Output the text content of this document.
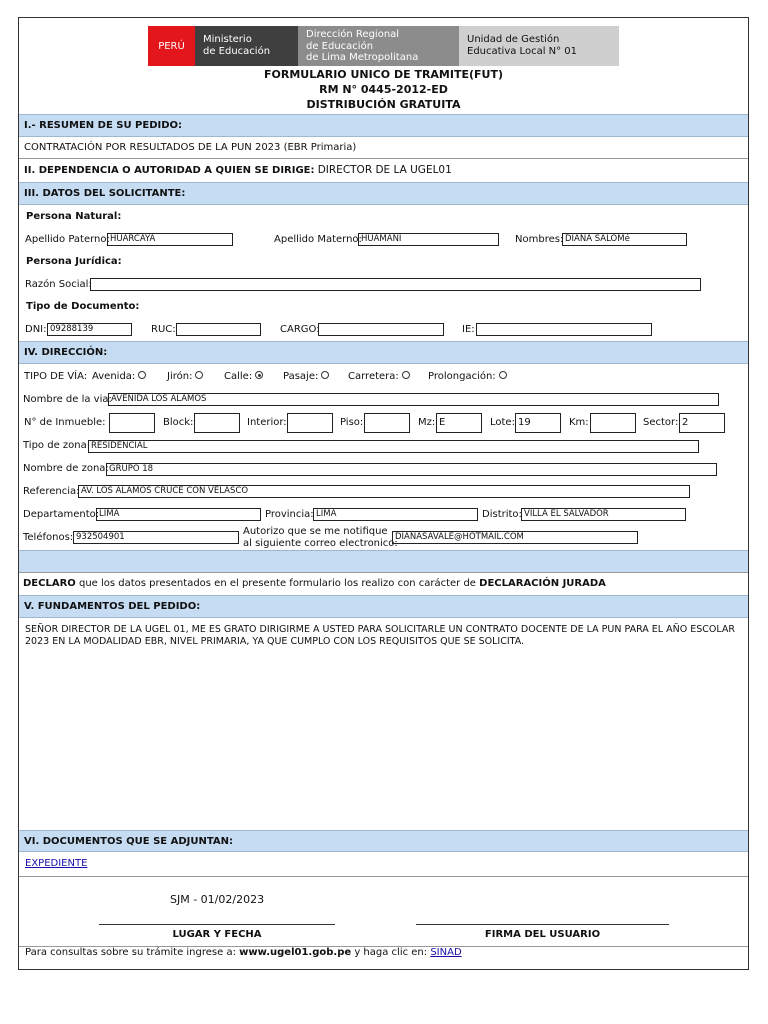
PERÚ
Ministerio
de Educación
Dirección Regional
de Educación
de Lima Metropolitana
Unidad de Gestión
Educativa Local N° 01
FORMULARIO UNICO DE TRAMITE(FUT)
RM N° 0445-2012-ED
DISTRIBUCIÓN GRATUITA
I.- RESUMEN DE SU PEDIDO:
CONTRATACIÓN POR RESULTADOS DE LA PUN 2023 (EBR Primaria)
II. DEPENDENCIA O AUTORIDAD A QUIEN SE DIRIGE: DIRECTOR DE LA UGEL01
III. DATOS DEL SOLICITANTE:
Persona Natural:
Apellido Paterno: HUARCAYA	Apellido Materno: HUAMANI	Nombres: DIANA SALOMé
Persona Jurídica:
Razón Social:
Tipo de Documento:
DNI: 09288139	RUC:	CARGO:	IE:
IV. DIRECCIÓN:
TIPO DE VÍA: Avenida:	Jirón:	Calle:	Pasaje:	Carretera:	Prolongación:
Nombre de la via: AVENIDA LOS ÁLAMOS
N° de Inmueble:	Block:	Interior:	Piso:	Mz: E	Lote: 19	Km:	Sector: 2
Tipo de zona: RESIDENCIAL
Nombre de zona: GRUPO 18
Referencia: AV. LOS ÁLAMOS CRUCE CON VELASCO
Departamento: LIMA	Provincia: LIMA	Distrito: VILLA EL SALVADOR
Teléfonos: 932504901	Autorizo que se me notifique
al siguiente correo electronico:
DIANASAVALE@HOTMAIL.COM
DECLARO que los datos presentados en el presente formulario los realizo con carácter de DECLARACIÓN JURADA
V. FUNDAMENTOS DEL PEDIDO:
SEÑOR DIRECTOR DE LA UGEL 01, ME ES GRATO DIRIGIRME A USTED PARA SOLICITARLE UN CONTRATO DOCENTE DE LA PUN PARA EL AÑO ESCOLAR 2023 EN LA MODALIDAD EBR, NIVEL PRIMARIA, YA QUE CUMPLO CON LOS REQUISITOS QUE SE SOLICITA.
VI. DOCUMENTOS QUE SE ADJUNTAN:
EXPEDIENTE
SJM - 01/02/2023
LUGAR Y FECHA	FIRMA DEL USUARIO
Para consultas sobre su trámite ingrese a: www.ugel01.gob.pe y haga clic en: SINAD
